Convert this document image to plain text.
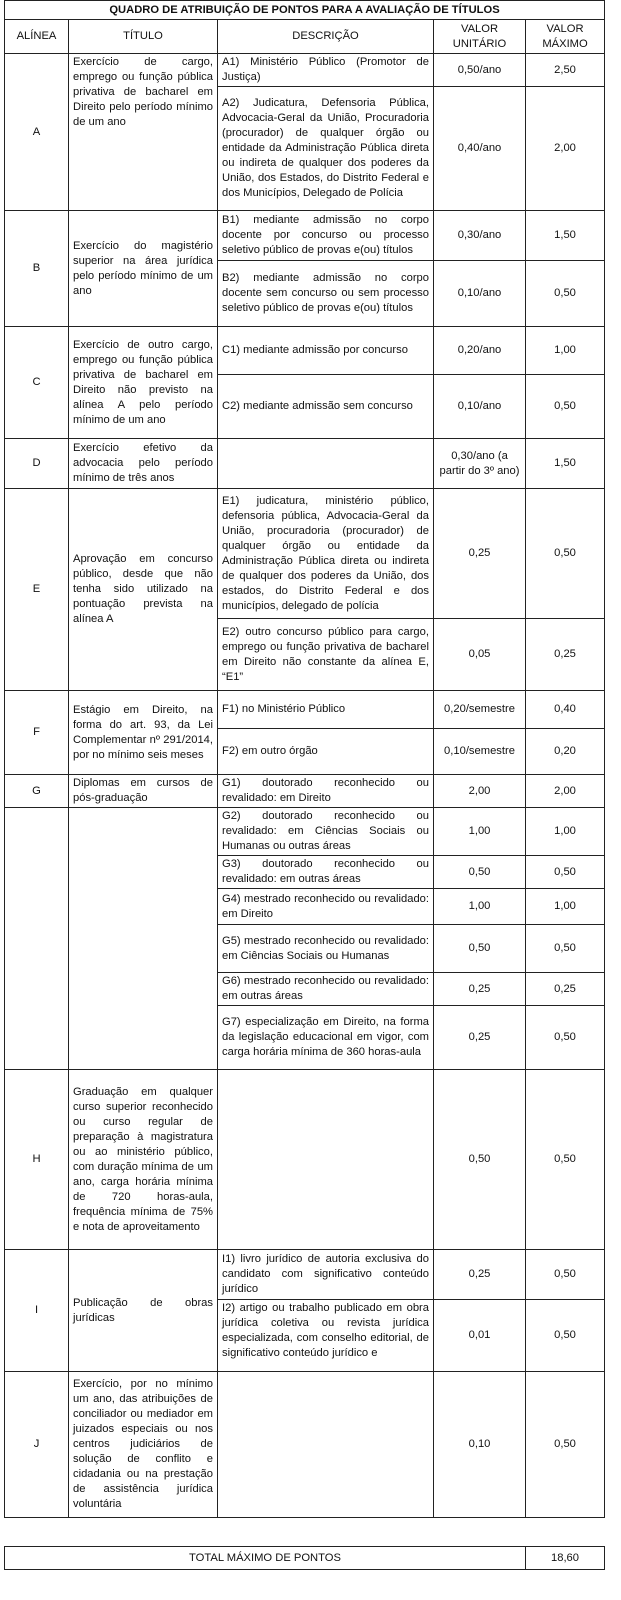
QUADRO DE ATRIBUIÇÃO DE PONTOS PARA A AVALIAÇÃO DE TÍTULOS				
ALÍNEA	TÍTULO	DESCRIÇÃO	VALOR UNITÁRIO	VALOR MÁXIMO
A	Exercício de cargo, emprego ou função pública privativa de bacharel em Direito pelo período mínimo de um ano	A1) Ministério Público (Promotor de Justiça)	0,50/ano	2,50
		A2) Judicatura, Defensoria Pública, Advocacia-Geral da União, Procuradoria (procurador) de qualquer órgão ou entidade da Administração Pública direta ou indireta de qualquer dos poderes da União, dos Estados, do Distrito Federal e dos Municípios, Delegado de Polícia	0,40/ano	2,00
B	Exercício do magistério superior na área jurídica pelo período mínimo de um ano	B1) mediante admissão no corpo docente por concurso ou processo seletivo público de provas e(ou) títulos	0,30/ano	1,50
		B2) mediante admissão no corpo docente sem concurso ou sem processo seletivo público de provas e(ou) títulos	0,10/ano	0,50
C	Exercício de outro cargo, emprego ou função pública privativa de bacharel em Direito não previsto na alínea A pelo período mínimo de um ano	C1) mediante admissão por concurso	0,20/ano	1,00
		C2) mediante admissão sem concurso	0,10/ano	0,50
D	Exercício efetivo da advocacia pelo período mínimo de três anos		0,30/ano (a partir do 3º ano)	1,50
E	Aprovação em concurso público, desde que não tenha sido utilizado na pontuação prevista na alínea A	E1) judicatura, ministério público, defensoria pública, Advocacia-Geral da União, procuradoria (procurador) de qualquer órgão ou entidade da Administração Pública direta ou indireta de qualquer dos poderes da União, dos estados, do Distrito Federal e dos municípios, delegado de polícia	0,25	0,50
		E2) outro concurso público para cargo, emprego ou função privativa de bacharel em Direito não constante da alínea E, “E1”	0,05	0,25
F	Estágio em Direito, na forma do art. 93, da Lei Complementar nº 291/2014, por no mínimo seis meses	F1) no Ministério Público	0,20/semestre	0,40
		F2) em outro órgão	0,10/semestre	0,20
G	Diplomas em cursos de pós-graduação	G1) doutorado reconhecido ou revalidado: em Direito	2,00	2,00
		G2) doutorado reconhecido ou revalidado: em Ciências Sociais ou Humanas ou outras áreas	1,00	1,00
		G3) doutorado reconhecido ou revalidado: em outras áreas	0,50	0,50
		G4) mestrado reconhecido ou revalidado: em Direito	1,00	1,00
		G5) mestrado reconhecido ou revalidado: em Ciências Sociais ou Humanas	0,50	0,50
		G6) mestrado reconhecido ou revalidado: em outras áreas	0,25	0,25
		G7) especialização em Direito, na forma da legislação educacional em vigor, com carga horária mínima de 360 horas-aula	0,25	0,50
H	Graduação em qualquer curso superior reconhecido ou curso regular de preparação à magistratura ou ao ministério público, com duração mínima de um ano, carga horária mínima de 720 horas-aula, frequência mínima de 75% e nota de aproveitamento		0,50	0,50
I	Publicação de obras jurídicas	I1) livro jurídico de autoria exclusiva do candidato com significativo conteúdo jurídico	0,25	0,50
		I2) artigo ou trabalho publicado em obra jurídica coletiva ou revista jurídica especializada, com conselho editorial, de significativo conteúdo jurídico e	0,01	0,50
J	Exercício, por no mínimo um ano, das atribuições de conciliador ou mediador em juizados especiais ou nos centros judiciários de solução de conflito e cidadania ou na prestação de assistência jurídica voluntária		0,10	0,50
TOTAL MÁXIMO DE PONTOS	18,60
